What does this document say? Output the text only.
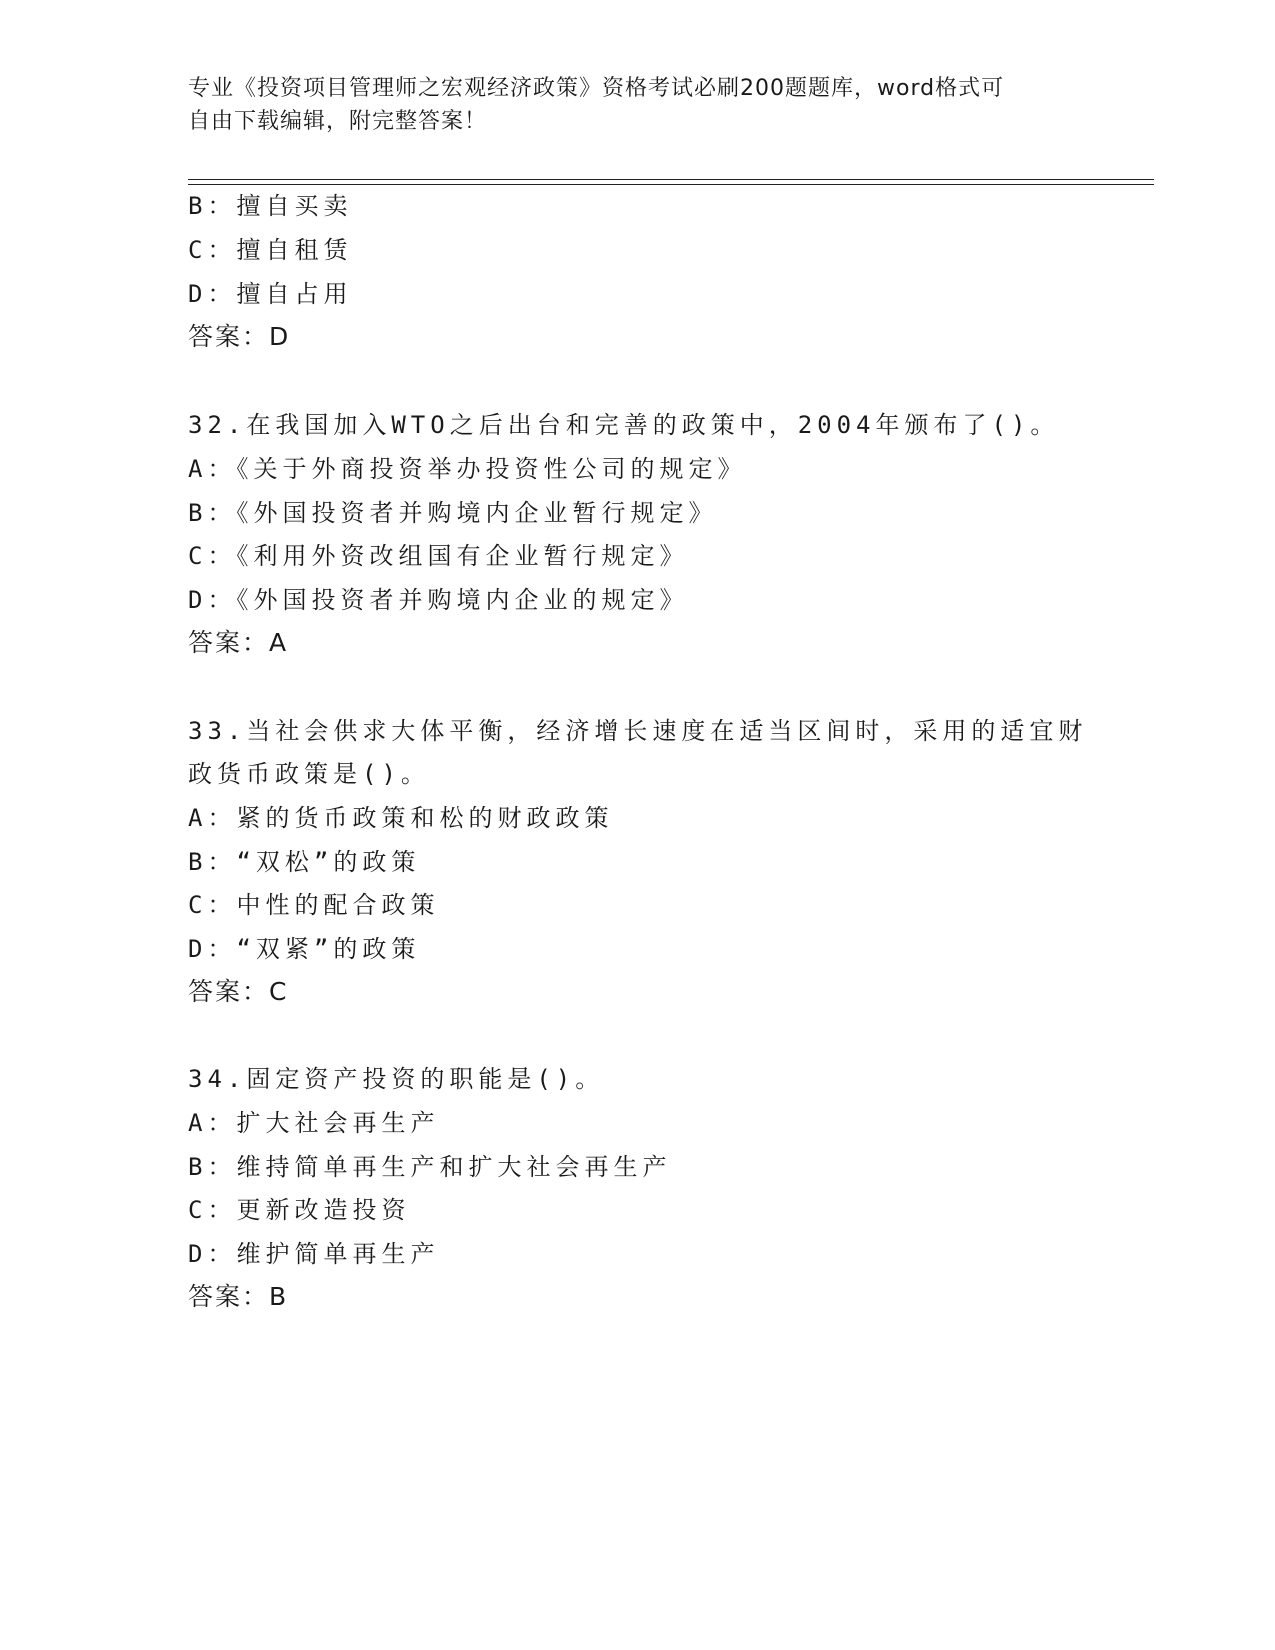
专业《投资项目管理师之宏观经济政策》资格考试必刷200题题库，word格式可
自由下载编辑，附完整答案！
B：擅自买卖
C：擅自租赁
D：擅自占用
答案：D
32.在我国加入WTO之后出台和完善的政策中，2004年颁布了()。
A：《关于外商投资举办投资性公司的规定》
B：《外国投资者并购境内企业暂行规定》
C：《利用外资改组国有企业暂行规定》
D：《外国投资者并购境内企业的规定》
答案：A
33.当社会供求大体平衡，经济增长速度在适当区间时，采用的适宜财
政货币政策是()。
A：紧的货币政策和松的财政政策
B：“双松”的政策
C：中性的配合政策
D：“双紧”的政策
答案：C
34.固定资产投资的职能是()。
A：扩大社会再生产
B：维持简单再生产和扩大社会再生产
C：更新改造投资
D：维护简单再生产
答案：B
